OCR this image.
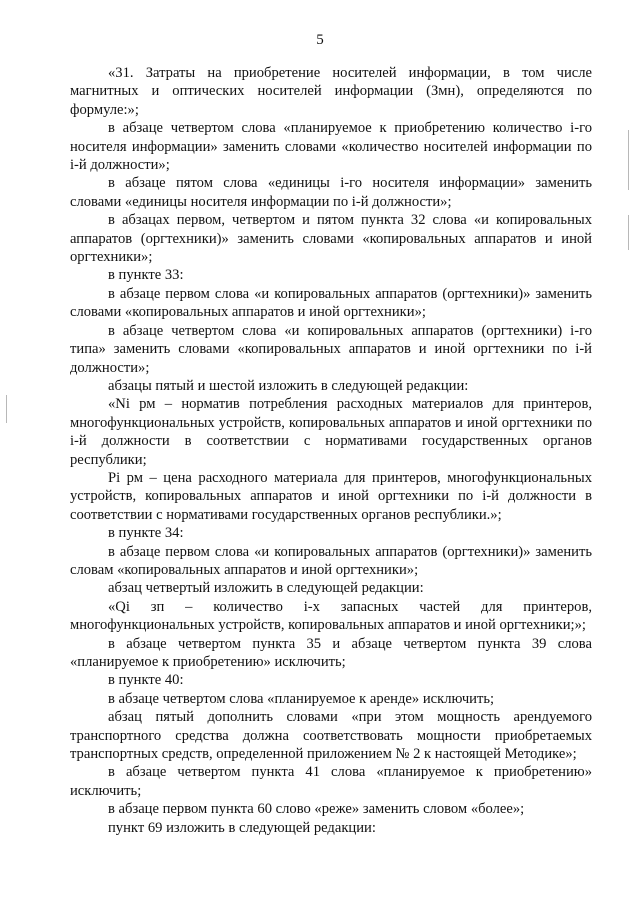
5

«31. Затраты на приобретение носителей информации, в том числе магнитных и оптических носителей информации (Змн), определяются по формуле:»;

в абзаце четвертом слова «планируемое к приобретению количество i-го носителя информации» заменить словами «количество носителей информации по i-й должности»;

в абзаце пятом слова «единицы i-го носителя информации» заменить словами «единицы носителя информации по i-й должности»;

в абзацах первом, четвертом и пятом пункта 32 слова «и копировальных аппаратов (оргтехники)» заменить словами «копировальных аппаратов и иной оргтехники»;

в пункте 33:

в абзаце первом слова «и копировальных аппаратов (оргтехники)» заменить словами «копировальных аппаратов и иной оргтехники»;

в абзаце четвертом слова «и копировальных аппаратов (оргтехники) i-го типа» заменить словами «копировальных аппаратов и иной оргтехники по i-й должности»;

абзацы пятый и шестой изложить в следующей редакции:

«Ni рм – норматив потребления расходных материалов для принтеров, многофункциональных устройств, копировальных аппаратов и иной оргтехники по i-й должности в соответствии с нормативами государственных органов республики;

Pi рм – цена расходного материала для принтеров, многофункциональных устройств, копировальных аппаратов и иной оргтехники по i-й должности в соответствии с нормативами государственных органов республики.»;

в пункте 34:

в абзаце первом слова «и копировальных аппаратов (оргтехники)» заменить словам «копировальных аппаратов и иной оргтехники»;

абзац четвертый изложить в следующей редакции:

«Qi зп – количество i-х запасных частей для принтеров, многофункциональных устройств, копировальных аппаратов и иной оргтехники;»;

в абзаце четвертом пункта 35 и абзаце четвертом пункта 39 слова «планируемое к приобретению» исключить;

в пункте 40:

в абзаце четвертом слова «планируемое к аренде» исключить;

абзац пятый дополнить словами «при этом мощность арендуемого транспортного средства должна соответствовать мощности приобретаемых транспортных средств, определенной приложением № 2 к настоящей Методике»;

в абзаце четвертом пункта 41 слова «планируемое к приобретению» исключить;

в абзаце первом пункта 60 слово «реже» заменить словом «более»;

пункт 69 изложить в следующей редакции:
